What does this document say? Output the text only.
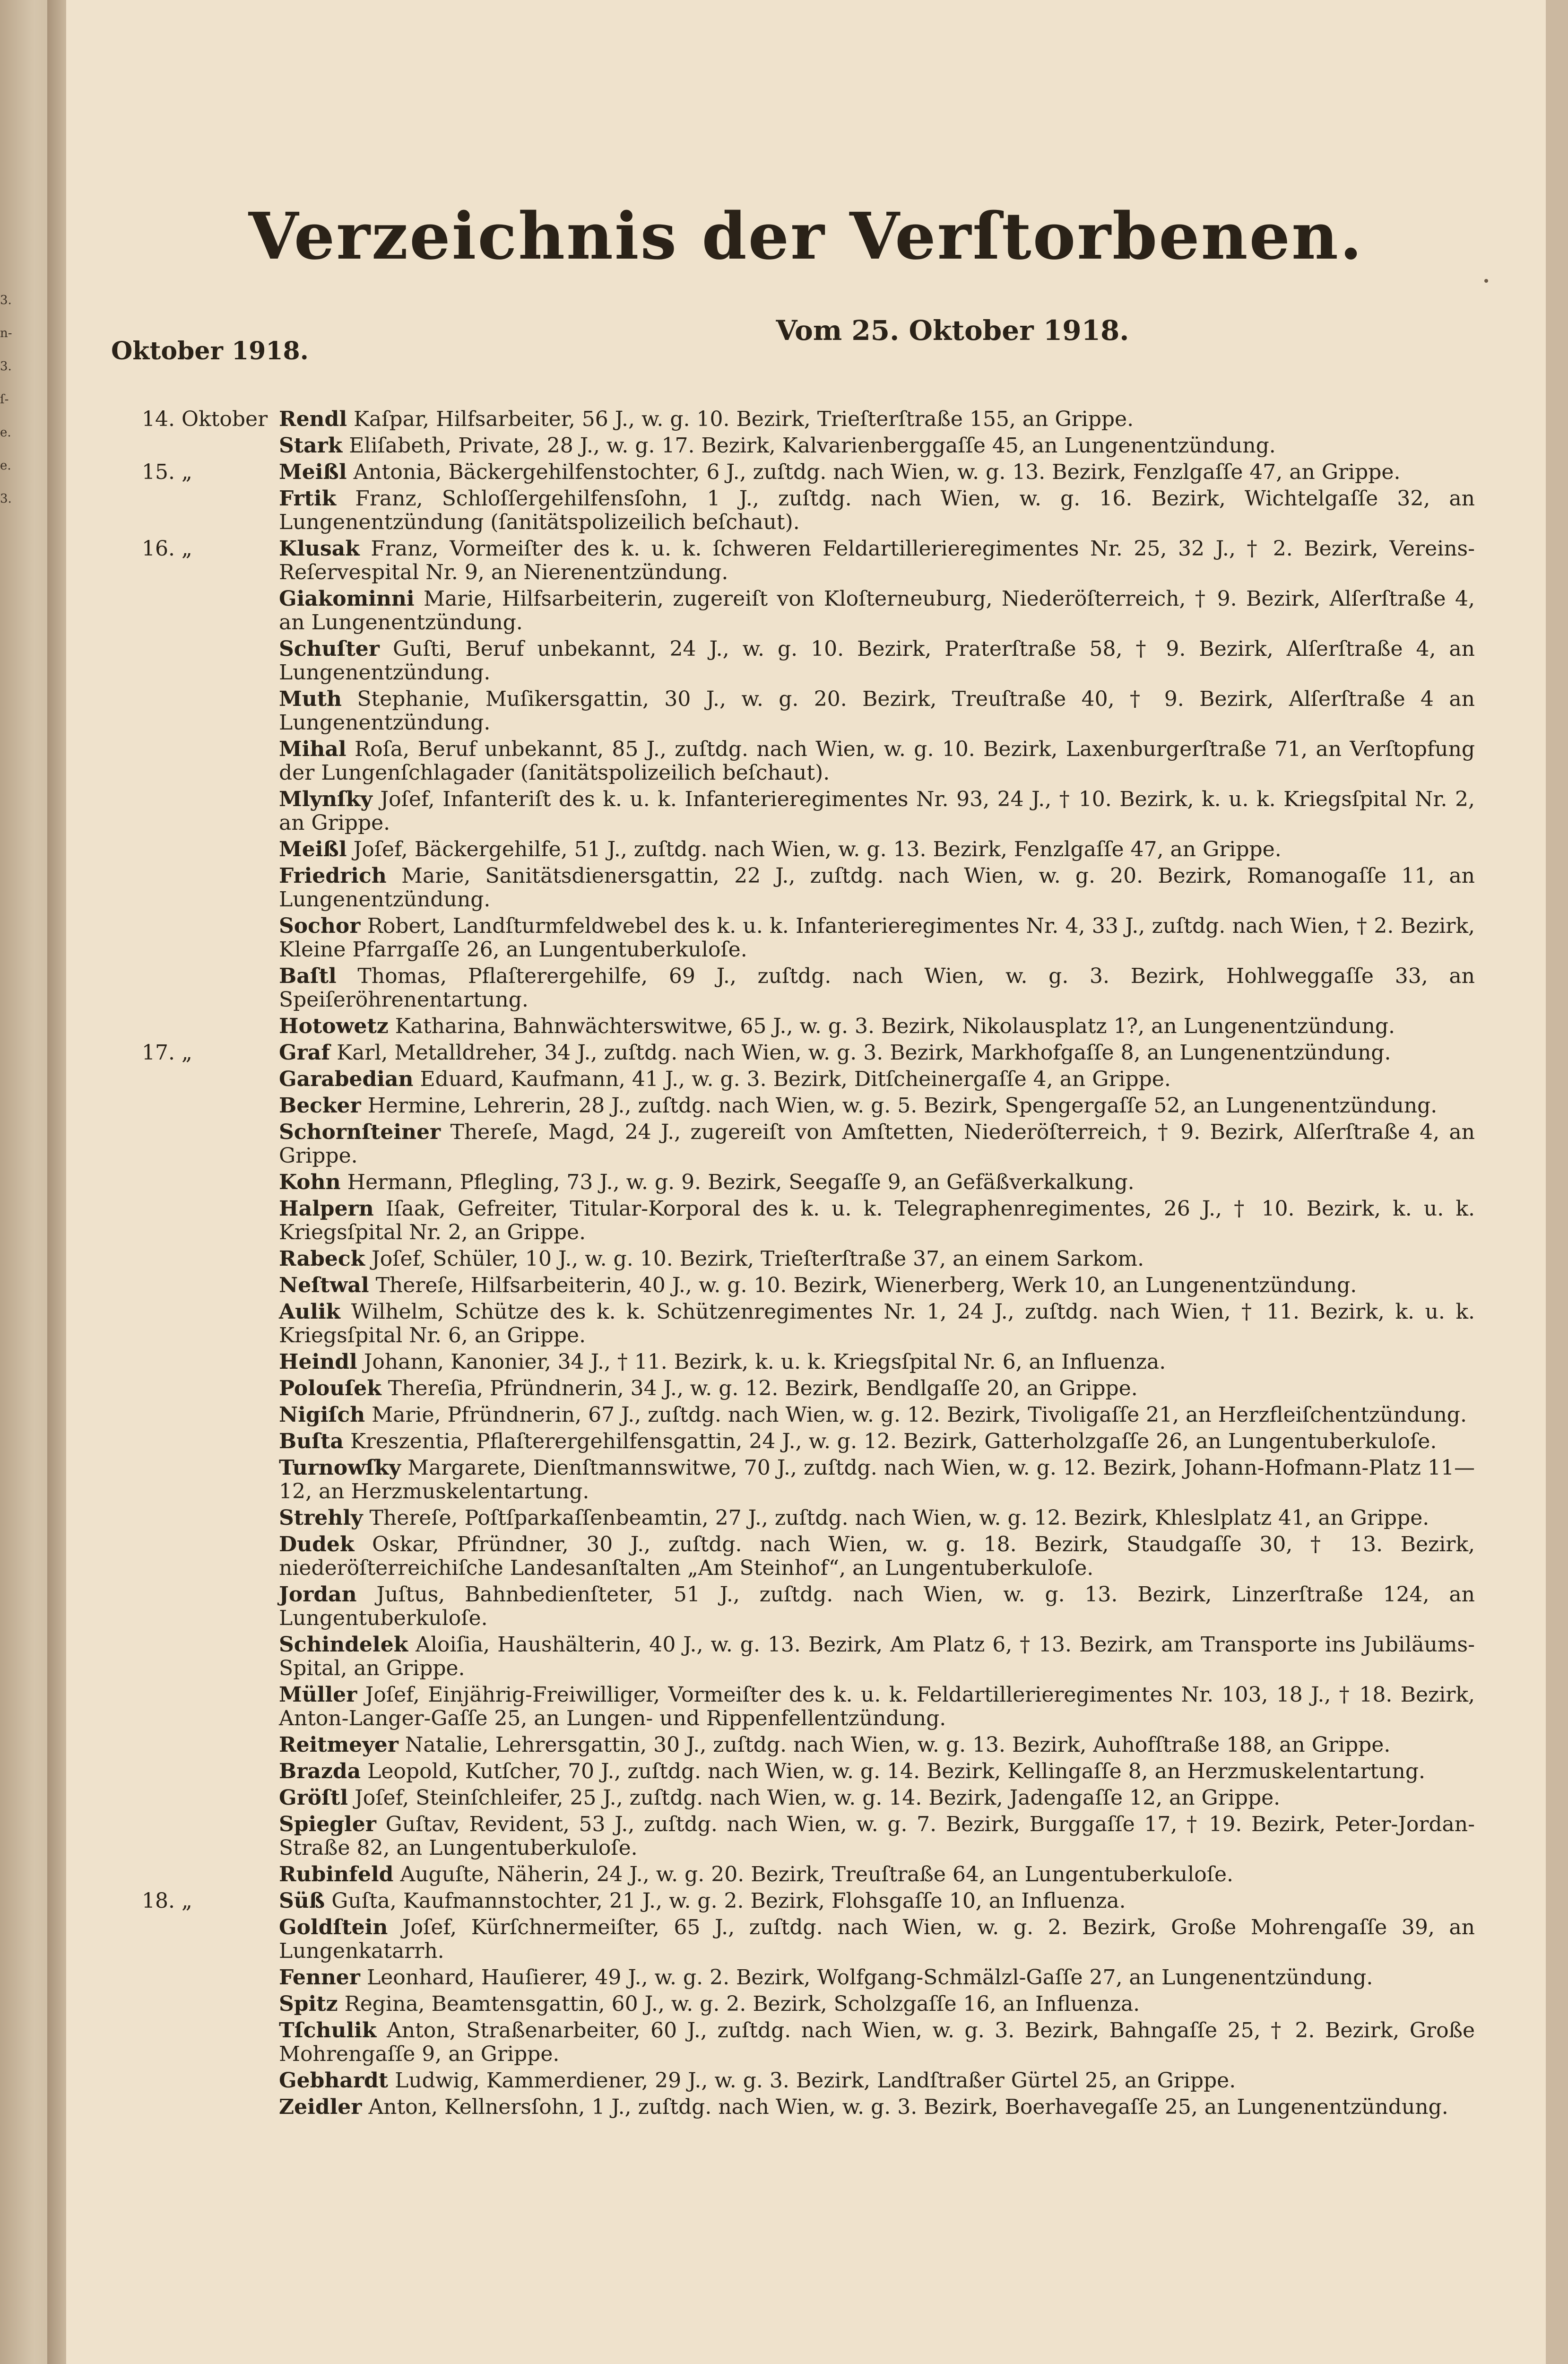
3.
n-
3.
ſ-
e.
e.
3.
Verzeichnis der Verſtorbenen.
Vom 25. Oktober 1918.
Oktober 1918.
14. Oktober Rendl Kaſpar, Hilfsarbeiter, 56 J., w. g. 10. Bezirk, Trieſterſtraße 155, an Grippe.
Stark Eliſabeth, Private, 28 J., w. g. 17. Bezirk, Kalvarienberggaſſe 45, an Lungenentzündung.
15. „	Meißl Antonia, Bäckergehilfenstochter, 6 J., zuſtdg. nach Wien, w. g. 13. Bezirk, Fenzlgaſſe 47, an Grippe.
Frtik Franz, Schloſſergehilfensſohn, 1 J., zuſtdg. nach Wien, w. g. 16. Bezirk, Wichtelgaſſe 32, an Lungenentzündung (ſanitätspolizeilich beſchaut).
16. „	Klusak Franz, Vormeiſter des k. u. k. ſchweren Feldartillerieregimentes Nr. 25, 32 J., † 2. Bezirk, Vereins-Reſervespital Nr. 9, an Nierenentzündung.
Giakominni Marie, Hilfsarbeiterin, zugereiſt von Kloſterneuburg, Niederöſterreich, † 9. Bezirk, Alſerſtraße 4, an Lungenentzündung.
Schuſter Guſti, Beruf unbekannt, 24 J., w. g. 10. Bezirk, Praterſtraße 58, † 9. Bezirk, Alſerſtraße 4, an Lungenentzündung.
Muth Stephanie, Muſikersgattin, 30 J., w. g. 20. Bezirk, Treuſtraße 40, † 9. Bezirk, Alſerſtraße 4 an Lungenentzündung.
Mihal Roſa, Beruf unbekannt, 85 J., zuſtdg. nach Wien, w. g. 10. Bezirk, Laxenburgerſtraße 71, an Verſtopfung der Lungenſchlagader (ſanitätspolizeilich beſchaut).
Mlynſky Joſef, Infanteriſt des k. u. k. Infanterieregimentes Nr. 93, 24 J., † 10. Bezirk, k. u. k. Kriegsſpital Nr. 2, an Grippe.
Meißl Joſef, Bäckergehilfe, 51 J., zuſtdg. nach Wien, w. g. 13. Bezirk, Fenzlgaſſe 47, an Grippe.
Friedrich Marie, Sanitätsdienersgattin, 22 J., zuſtdg. nach Wien, w. g. 20. Bezirk, Romanogaſſe 11, an Lungenentzündung.
Sochor Robert, Landſturmfeldwebel des k. u. k. Infanterieregimentes Nr. 4, 33 J., zuſtdg. nach Wien, † 2. Bezirk, Kleine Pfarrgaſſe 26, an Lungentuberkuloſe.
Baſtl Thomas, Pflaſterergehilfe, 69 J., zuſtdg. nach Wien, w. g. 3. Bezirk, Hohlweggaſſe 33, an Speiſeröhrenentartung.
Hotowetz Katharina, Bahnwächterswitwe, 65 J., w. g. 3. Bezirk, Nikolausplatz 1?, an Lungenentzündung.
17. „	Graf Karl, Metalldreher, 34 J., zuſtdg. nach Wien, w. g. 3. Bezirk, Markhofgaſſe 8, an Lungenentzündung.
Garabedian Eduard, Kaufmann, 41 J., w. g. 3. Bezirk, Ditſcheinergaſſe 4, an Grippe.
Becker Hermine, Lehrerin, 28 J., zuſtdg. nach Wien, w. g. 5. Bezirk, Spengergaſſe 52, an Lungenentzündung.
Schornſteiner Thereſe, Magd, 24 J., zugereiſt von Amſtetten, Niederöſterreich, † 9. Bezirk, Alſerſtraße 4, an Grippe.
Kohn Hermann, Pflegling, 73 J., w. g. 9. Bezirk, Seegaſſe 9, an Gefäßverkalkung.
Halpern Iſaak, Gefreiter, Titular-Korporal des k. u. k. Telegraphenregimentes, 26 J., † 10. Bezirk, k. u. k. Kriegsſpital Nr. 2, an Grippe.
Rabeck Joſef, Schüler, 10 J., w. g. 10. Bezirk, Trieſterſtraße 37, an einem Sarkom.
Neſtwal Thereſe, Hilfsarbeiterin, 40 J., w. g. 10. Bezirk, Wienerberg, Werk 10, an Lungenentzündung.
Aulik Wilhelm, Schütze des k. k. Schützenregimentes Nr. 1, 24 J., zuſtdg. nach Wien, † 11. Bezirk, k. u. k. Kriegsſpital Nr. 6, an Grippe.
Heindl Johann, Kanonier, 34 J., † 11. Bezirk, k. u. k. Kriegsſpital Nr. 6, an Influenza.
Polouſek Thereſia, Pfründnerin, 34 J., w. g. 12. Bezirk, Bendlgaſſe 20, an Grippe.
Nigiſch Marie, Pfründnerin, 67 J., zuſtdg. nach Wien, w. g. 12. Bezirk, Tivoligaſſe 21, an Herzfleiſchentzündung.
Buſta Kreszentia, Pflaſterergehilfensgattin, 24 J., w. g. 12. Bezirk, Gatterholzgaſſe 26, an Lungentuberkuloſe.
Turnowſky Margarete, Dienſtmannswitwe, 70 J., zuſtdg. nach Wien, w. g. 12. Bezirk, Johann-Hofmann-Platz 11—12, an Herzmuskelentartung.
Strehly Thereſe, Poſtſparkaſſenbeamtin, 27 J., zuſtdg. nach Wien, w. g. 12. Bezirk, Khleslplatz 41, an Grippe.
Dudek Oskar, Pfründner, 30 J., zuſtdg. nach Wien, w. g. 18. Bezirk, Staudgaſſe 30, † 13. Bezirk, niederöſterreichiſche Landesanſtalten „Am Steinhof“, an Lungentuberkuloſe.
Jordan Juſtus, Bahnbedienſteter, 51 J., zuſtdg. nach Wien, w. g. 13. Bezirk, Linzerſtraße 124, an Lungentuberkuloſe.
Schindelek Aloiſia, Haushälterin, 40 J., w. g. 13. Bezirk, Am Platz 6, † 13. Bezirk, am Transporte ins Jubiläums-Spital, an Grippe.
Müller Joſef, Einjährig-Freiwilliger, Vormeiſter des k. u. k. Feldartillerieregimentes Nr. 103, 18 J., † 18. Bezirk, Anton-Langer-Gaſſe 25, an Lungen- und Rippenfellentzündung.
Reitmeyer Natalie, Lehrersgattin, 30 J., zuſtdg. nach Wien, w. g. 13. Bezirk, Auhofſtraße 188, an Grippe.
Brazda Leopold, Kutſcher, 70 J., zuſtdg. nach Wien, w. g. 14. Bezirk, Kellingaſſe 8, an Herzmuskelentartung.
Gröſtl Joſef, Steinſchleifer, 25 J., zuſtdg. nach Wien, w. g. 14. Bezirk, Jadengaſſe 12, an Grippe.
Spiegler Guſtav, Revident, 53 J., zuſtdg. nach Wien, w. g. 7. Bezirk, Burggaſſe 17, † 19. Bezirk, Peter-Jordan-Straße 82, an Lungentuberkuloſe.
Rubinfeld Auguſte, Näherin, 24 J., w. g. 20. Bezirk, Treuſtraße 64, an Lungentuberkuloſe.
18. „	Süß Guſta, Kaufmannstochter, 21 J., w. g. 2. Bezirk, Flohsgaſſe 10, an Influenza.
Goldſtein Joſef, Kürſchnermeiſter, 65 J., zuſtdg. nach Wien, w. g. 2. Bezirk, Große Mohrengaſſe 39, an Lungenkatarrh.
Fenner Leonhard, Hauſierer, 49 J., w. g. 2. Bezirk, Wolfgang-Schmälzl-Gaſſe 27, an Lungenentzündung.
Spitz Regina, Beamtensgattin, 60 J., w. g. 2. Bezirk, Scholzgaſſe 16, an Influenza.
Tſchulik Anton, Straßenarbeiter, 60 J., zuſtdg. nach Wien, w. g. 3. Bezirk, Bahngaſſe 25, † 2. Bezirk, Große Mohrengaſſe 9, an Grippe.
Gebhardt Ludwig, Kammerdiener, 29 J., w. g. 3. Bezirk, Landſtraßer Gürtel 25, an Grippe.
Zeidler Anton, Kellnersſohn, 1 J., zuſtdg. nach Wien, w. g. 3. Bezirk, Boerhavegaſſe 25, an Lungenentzündung.
